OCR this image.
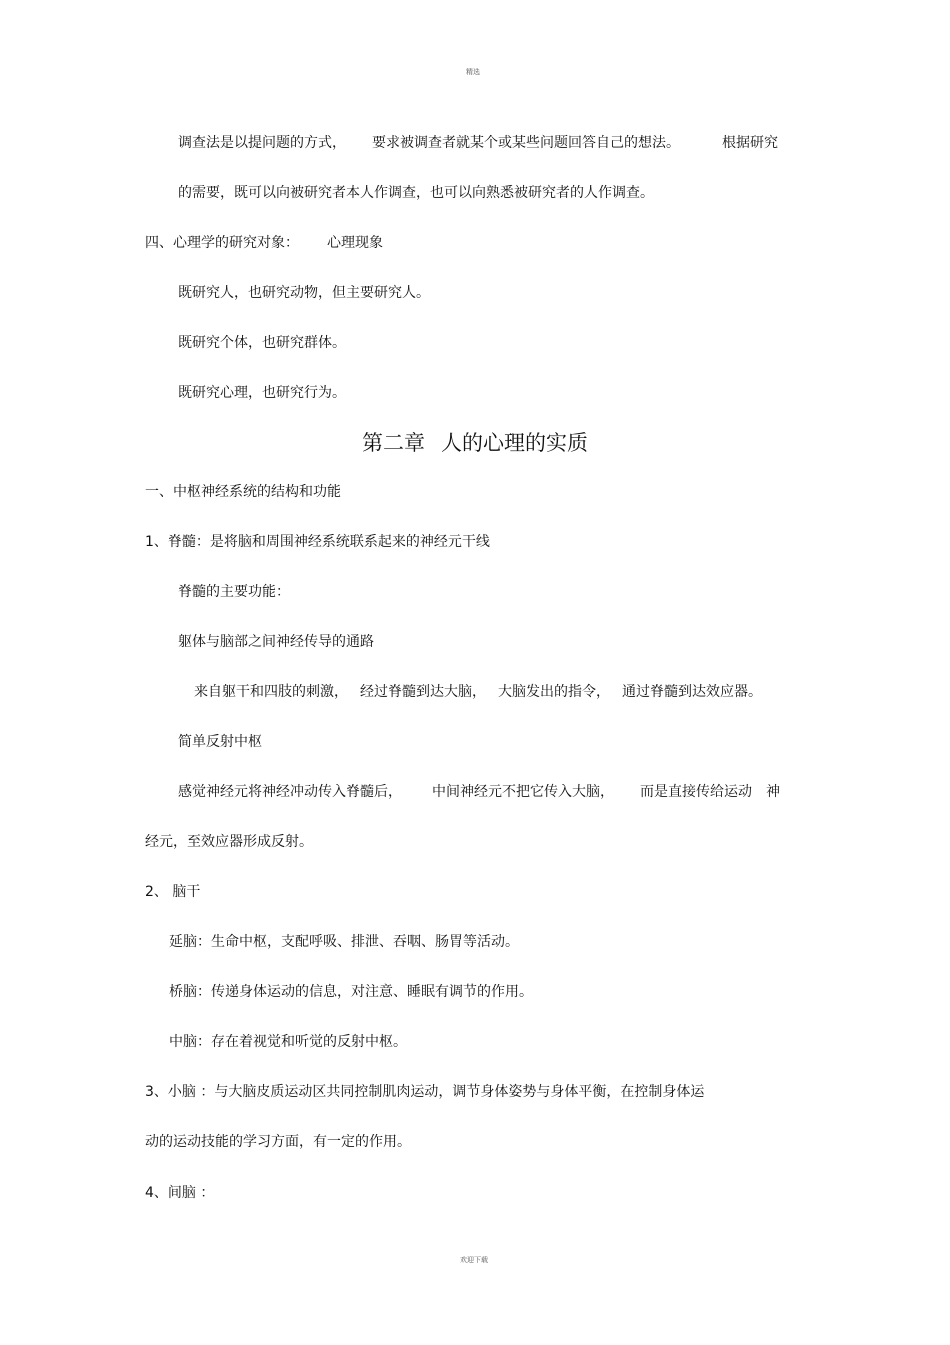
精选
调查法是以提问题的方式， 要求被调查者就某个或某些问题回答自己的想法。	根据研究
的需要，既可以向被研究者本人作调查，也可以向熟悉被研究者的人作调查。
四、心理学的研究对象： 心理现象
既研究人，也研究动物，但主要研究人。
既研究个体，也研究群体。
既研究心理，也研究行为。
第二章 人的心理的实质
一、中枢神经系统的结构和功能
1、脊髓：是将脑和周围神经系统联系起来的神经元干线
脊髓的主要功能：
躯体与脑部之间神经传导的通路
来自躯干和四肢的刺激， 经过脊髓到达大脑， 大脑发出的指令， 通过脊髓到达效应器。
简单反射中枢
感觉神经元将神经冲动传入脊髓后， 中间神经元不把它传入大脑， 而是直接传给运动 神
经元，至效应器形成反射。
2、 脑干
延脑：生命中枢，支配呼吸、排泄、吞咽、肠胃等活动。
桥脑：传递身体运动的信息，对注意、睡眠有调节的作用。
中脑：存在着视觉和听觉的反射中枢。
3、小脑 ：与大脑皮质运动区共同控制肌肉运动，调节身体姿势与身体平衡，在控制身体运
动的运动技能的学习方面，有一定的作用。
4、间脑 ：
欢迎下载
